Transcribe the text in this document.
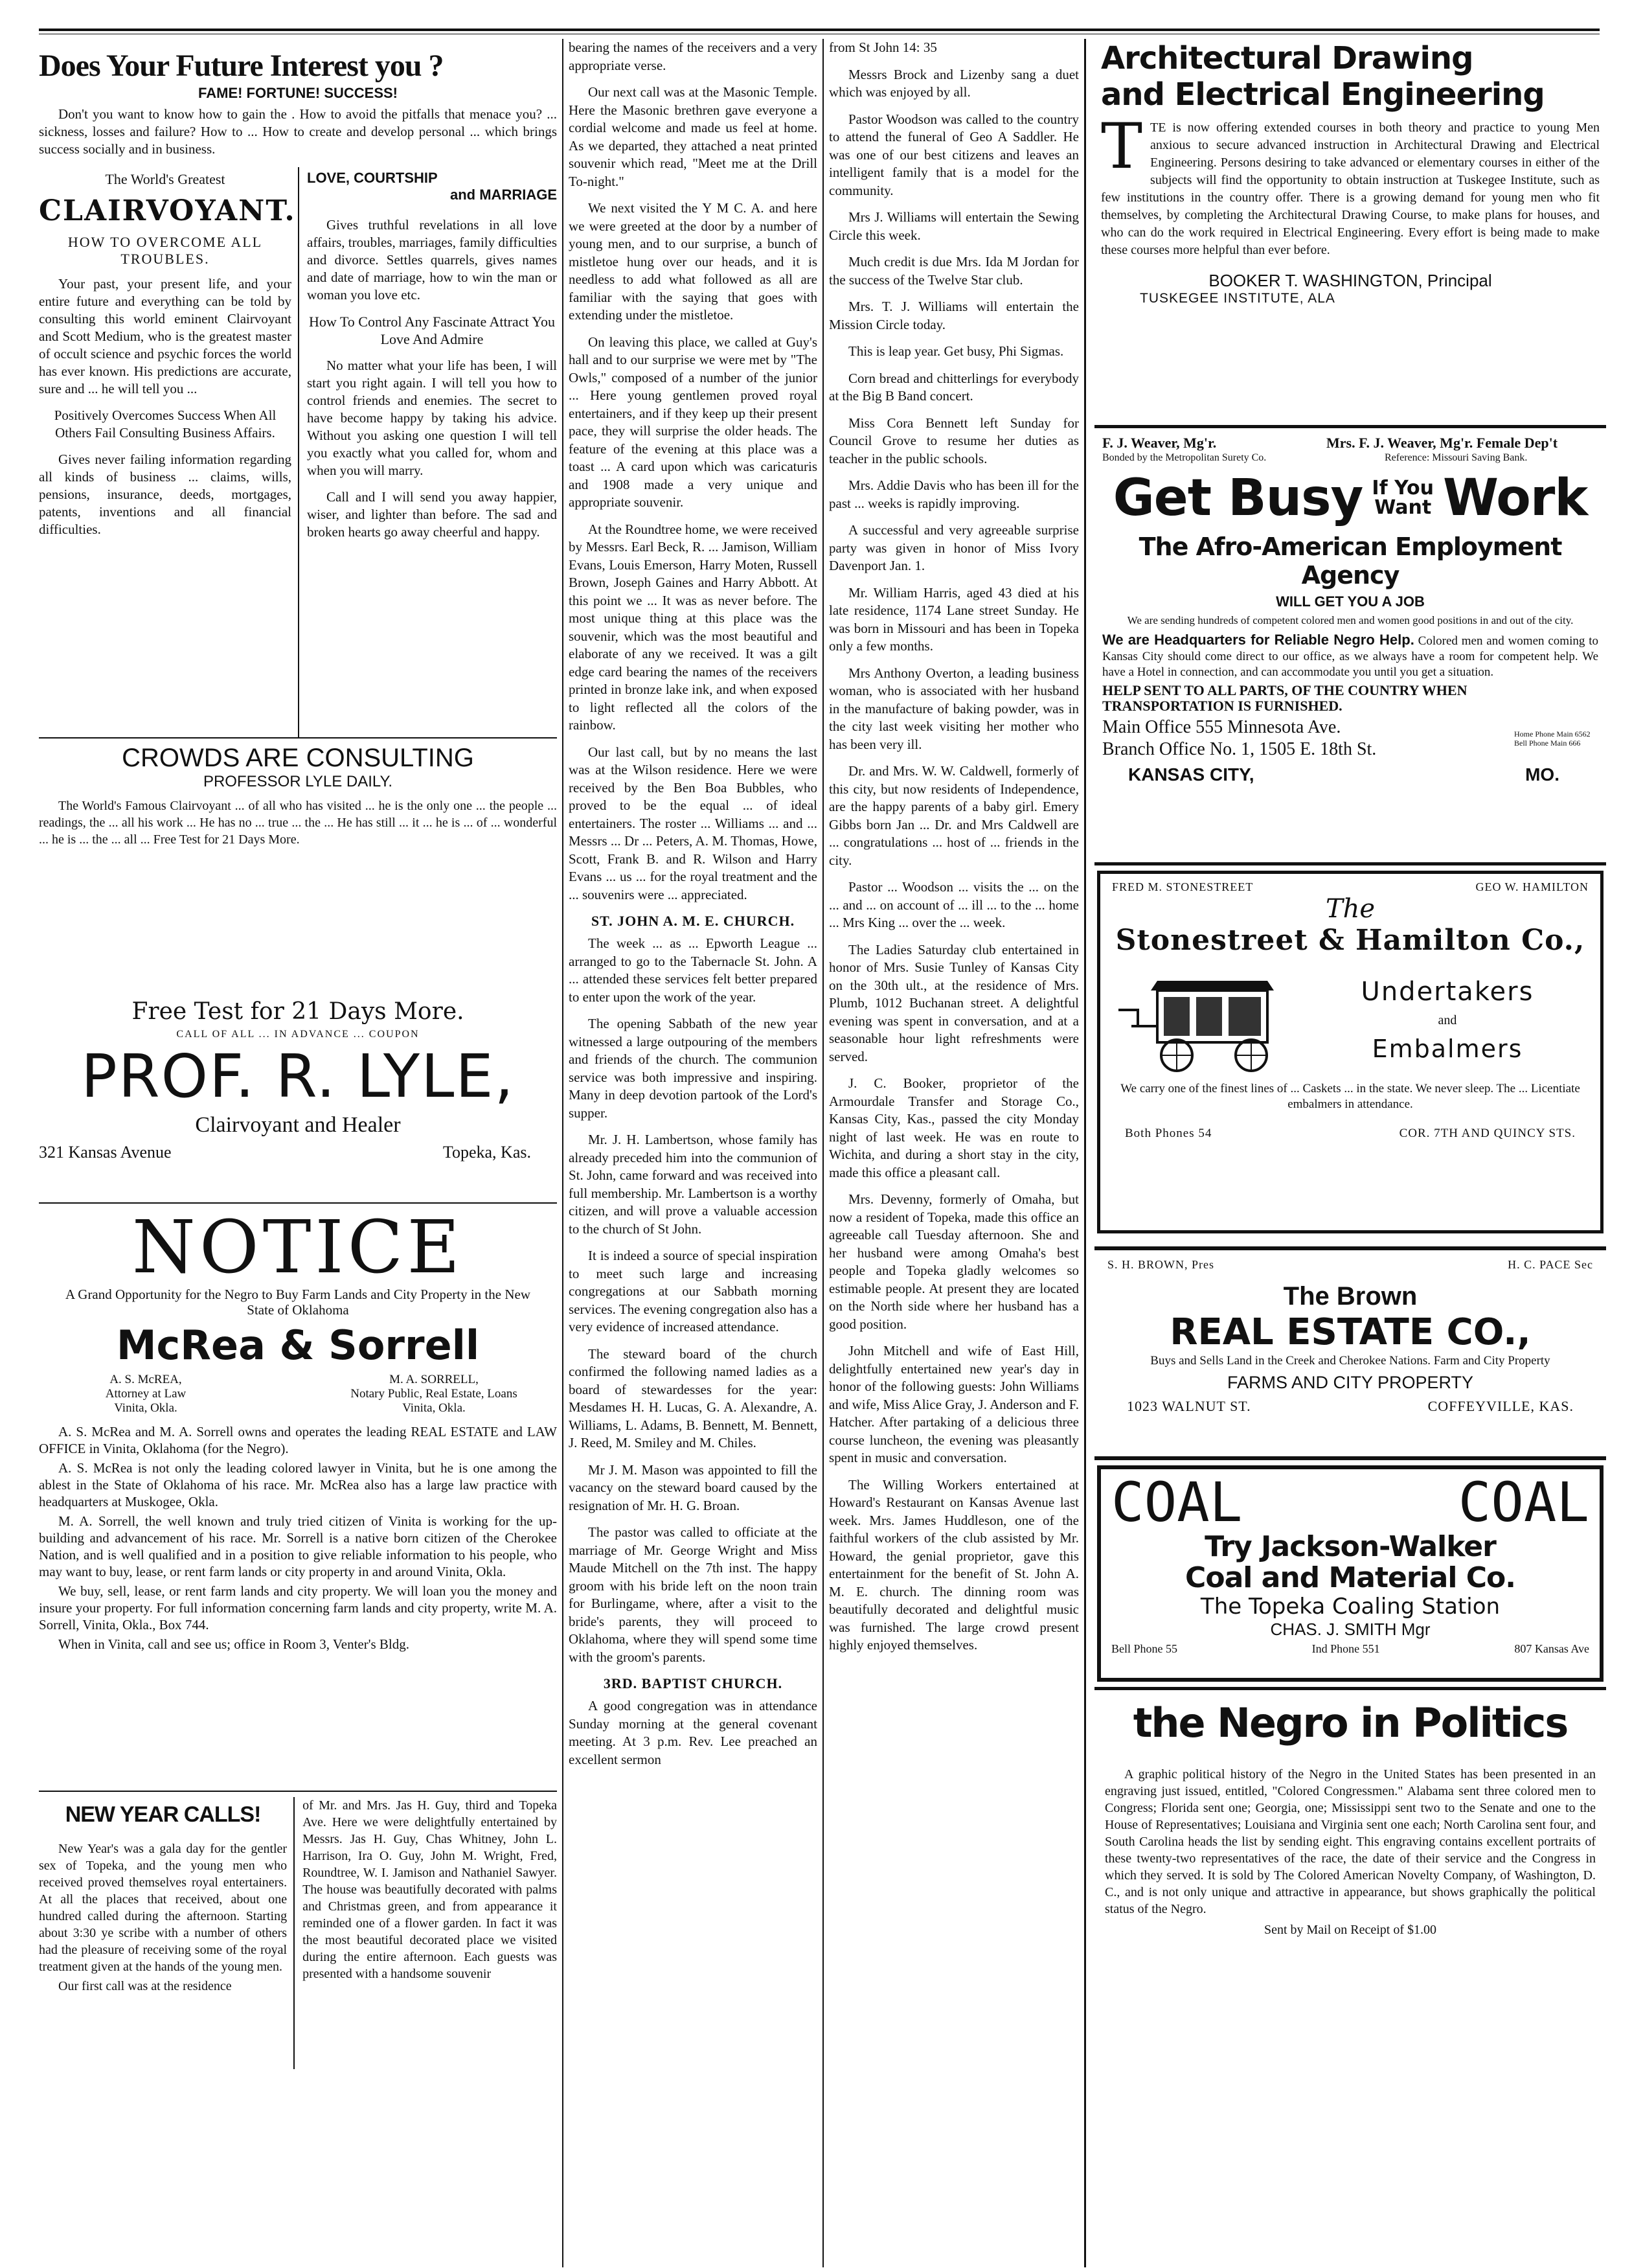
Does Your Future Interest you ?
FAME! FORTUNE! SUCCESS!

Don't you want to know how to gain the . How to avoid the pitfalls that menace you? ... sickness, losses and failure? How to ... How to create and develop personal ... which brings success socially and in business.

The World's Greatest
CLAIRVOYANT.
HOW TO OVERCOME ALL TROUBLES.

Your past, your present life, and your entire future and everything can be told by consulting this world eminent Clairvoyant and Scott Medium, who is the greatest master of occult science and psychic forces the world has ever known. His predictions are accurate, sure and ... he will tell you ...

Positively Overcomes Success When All Others Fail Consulting Business Affairs.

Gives never failing information regarding all kinds of business ... claims, wills, pensions, insurance, deeds, mortgages, patents, inventions and all financial difficulties.

LOVE, COURTSHIP
and MARRIAGE

Gives truthful revelations in all love affairs, troubles, marriages, family difficulties and divorce. Settles quarrels, gives names and date of marriage, how to win the man or woman you love etc.

How To Control Any Fascinate Attract You Love And Admire

No matter what your life has been, I will start you right again. I will tell you how to control friends and enemies. The secret to have become happy by taking his advice. Without you asking one question I will tell you exactly what you called for, whom and when you will marry.

Call and I will send you away happier, wiser, and lighter than before. The sad and broken hearts go away cheerful and happy.

CROWDS ARE CONSULTING
PROFESSOR LYLE DAILY.

The World's Famous Clairvoyant ... of all who has visited ... he is the only one ... the people ... readings, the ... all his work ... He has no ... true ... the ... He has still ... it ... he is ... of ... wonderful ... he is ... the ... all ... Free Test for 21 Days More.

Free Test for 21 Days More.
CALL OF ALL ... IN ADVANCE ... COUPON
PROF. R. LYLE,
Clairvoyant and Healer
321 Kansas Avenue	Topeka, Kas.
NOTICE
A Grand Opportunity for the Negro to Buy Farm Lands and City Property in the New State of Oklahoma
McRea & Sorrell
A. S. McREA,
Attorney at Law
Vinita, Okla.
M. A. SORRELL,
Notary Public, Real Estate, Loans
Vinita, Okla.

A. S. McRea and M. A. Sorrell owns and operates the leading REAL ESTATE and LAW OFFICE in Vinita, Oklahoma (for the Negro).

A. S. McRea is not only the leading colored lawyer in Vinita, but he is one among the ablest in the State of Oklahoma of his race. Mr. McRea also has a large law practice with headquarters at Muskogee, Okla.

M. A. Sorrell, the well known and truly tried citizen of Vinita is working for the up-building and advancement of his race. Mr. Sorrell is a native born citizen of the Cherokee Nation, and is well qualified and in a position to give reliable information to his people, who may want to buy, lease, or rent farm lands or city property in and around Vinita, Okla.

We buy, sell, lease, or rent farm lands and city property. We will loan you the money and insure your property. For full information concerning farm lands and city property, write M. A. Sorrell, Vinita, Okla., Box 744.

When in Vinita, call and see us; office in Room 3, Venter's Bldg.

NEW YEAR CALLS!

New Year's was a gala day for the gentler sex of Topeka, and the young men who received proved themselves royal entertainers. At all the places that received, about one hundred called during the afternoon. Starting about 3:30 ye scribe with a number of others had the pleasure of receiving some of the royal treatment given at the hands of the young men.

Our first call was at the residence

of Mr. and Mrs. Jas H. Guy, third and Topeka Ave. Here we were delightfully entertained by Messrs. Jas H. Guy, Chas Whitney, John L. Harrison, Ira O. Guy, John M. Wright, Fred, Roundtree, W. I. Jamison and Nathaniel Sawyer. The house was beautifully decorated with palms and Christmas green, and from appearance it reminded one of a flower garden. In fact it was the most beautiful decorated place we visited during the entire afternoon. Each guests was presented with a handsome souvenir

bearing the names of the receivers and a very appropriate verse.

Our next call was at the Masonic Temple. Here the Masonic brethren gave everyone a cordial welcome and made us feel at home. As we departed, they attached a neat printed souvenir which read, "Meet me at the Drill To-night."

We next visited the Y M C. A. and here we were greeted at the door by a number of young men, and to our surprise, a bunch of mistletoe hung over our heads, and it is needless to add what followed as all are familiar with the saying that goes with extending under the mistletoe.

On leaving this place, we called at Guy's hall and to our surprise we were met by "The Owls," composed of a number of the junior ... Here young gentlemen proved royal entertainers, and if they keep up their present pace, they will surprise the older heads. The feature of the evening at this place was a toast ... A card upon which was caricaturis and 1908 made a very unique and appropriate souvenir.

At the Roundtree home, we were received by Messrs. Earl Beck, R. ... Jamison, William Evans, Louis Emerson, Harry Moten, Russell Brown, Joseph Gaines and Harry Abbott. At this point we ... It was as never before. The most unique thing at this place was the souvenir, which was the most beautiful and elaborate of any we received. It was a gilt edge card bearing the names of the receivers printed in bronze lake ink, and when exposed to light reflected all the colors of the rainbow.

Our last call, but by no means the last was at the Wilson residence. Here we were received by the Ben Boa Bubbles, who proved to be the equal ... of ideal entertainers. The roster ... Williams ... and ... Messrs ... Dr ... Peters, A. M. Thomas, Howe, Scott, Frank B. and R. Wilson and Harry Evans ... us ... for the royal treatment and the ... souvenirs were ... appreciated.

ST. JOHN A. M. E. CHURCH.

The week ... as ... Epworth League ... arranged to go to the Tabernacle St. John. A ... attended these services felt better prepared to enter upon the work of the year.

The opening Sabbath of the new year witnessed a large outpouring of the members and friends of the church. The communion service was both impressive and inspiring. Many in deep devotion partook of the Lord's supper.

Mr. J. H. Lambertson, whose family has already preceded him into the communion of St. John, came forward and was received into full membership. Mr. Lambertson is a worthy citizen, and will prove a valuable accession to the church of St John.

It is indeed a source of special inspiration to meet such large and increasing congregations at our Sabbath morning services. The evening congregation also has a very evidence of increased attendance.

The steward board of the church confirmed the following named ladies as a board of stewardesses for the year: Mesdames H. H. Lucas, G. A. Alexandre, A. Williams, L. Adams, B. Bennett, M. Bennett, J. Reed, M. Smiley and M. Chiles.

Mr J. M. Mason was appointed to fill the vacancy on the steward board caused by the resignation of Mr. H. G. Broan.

The pastor was called to officiate at the marriage of Mr. George Wright and Miss Maude Mitchell on the 7th inst. The happy groom with his bride left on the noon train for Burlingame, where, after a visit to the bride's parents, they will proceed to Oklahoma, where they will spend some time with the groom's parents.

3RD. BAPTIST CHURCH.

A good congregation was in attendance Sunday morning at the general covenant meeting. At 3 p.m. Rev. Lee preached an excellent sermon

from St John 14: 35

Messrs Brock and Lizenby sang a duet which was enjoyed by all.

Pastor Woodson was called to the country to attend the funeral of Geo A Saddler. He was one of our best citizens and leaves an intelligent family that is a model for the community.

Mrs J. Williams will entertain the Sewing Circle this week.

Much credit is due Mrs. Ida M Jordan for the success of the Twelve Star club.

Mrs. T. J. Williams will entertain the Mission Circle today.

This is leap year. Get busy, Phi Sigmas.

Corn bread and chitterlings for everybody at the Big B Band concert.

Miss Cora Bennett left Sunday for Council Grove to resume her duties as teacher in the public schools.

Mrs. Addie Davis who has been ill for the past ... weeks is rapidly improving.

A successful and very agreeable surprise party was given in honor of Miss Ivory Davenport Jan. 1.

Mr. William Harris, aged 43 died at his late residence, 1174 Lane street Sunday. He was born in Missouri and has been in Topeka only a few months.

Mrs Anthony Overton, a leading business woman, who is associated with her husband in the manufacture of baking powder, was in the city last week visiting her mother who has been very ill.

Dr. and Mrs. W. W. Caldwell, formerly of this city, but now residents of Independence, are the happy parents of a baby girl. Emery Gibbs born Jan ... Dr. and Mrs Caldwell are ... congratulations ... host of ... friends in the city.

Pastor ... Woodson ... visits the ... on the ... and ... on account of ... ill ... to the ... home ... Mrs King ... over the ... week.

The Ladies Saturday club entertained in honor of Mrs. Susie Tunley of Kansas City on the 30th ult., at the residence of Mrs. Plumb, 1012 Buchanan street. A delightful evening was spent in conversation, and at a seasonable hour light refreshments were served.

J. C. Booker, proprietor of the Armourdale Transfer and Storage Co., Kansas City, Kas., passed the city Monday night of last week. He was en route to Wichita, and during a short stay in the city, made this office a pleasant call.

Mrs. Devenny, formerly of Omaha, but now a resident of Topeka, made this office an agreeable call Tuesday afternoon. She and her husband were among Omaha's best people and Topeka gladly welcomes so estimable people. At present they are located on the North side where her husband has a good position.

John Mitchell and wife of East Hill, delightfully entertained new year's day in honor of the following guests: John Williams and wife, Miss Alice Gray, J. Anderson and F. Hatcher. After partaking of a delicious three course luncheon, the evening was pleasantly spent in music and conversation.

The Willing Workers entertained at Howard's Restaurant on Kansas Avenue last week. Mrs. James Huddleson, one of the faithful workers of the club assisted by Mr. Howard, the genial proprietor, gave this entertainment for the benefit of St. John A. M. E. church. The dinning room was beautifully decorated and delightful music was furnished. The large crowd present highly enjoyed themselves.

Architectural Drawing
and Electrical Engineering
T TE is now offering extended courses in both theory and practice to young Men anxious to secure advanced instruction in Architectural Drawing and Electrical Engineering. Persons desiring to take advanced or elementary courses in either of the subjects will find the opportunity to obtain instruction at Tuskegee Institute, such as few institutions in the country offer. There is a growing demand for young men who fit themselves, by completing the Architectural Drawing Course, to make plans for houses, and who can do the work required in Electrical Engineering. Every effort is being made to make these courses more helpful than ever before.
BOOKER T. WASHINGTON, Principal
TUSKEGEE INSTITUTE, ALA
F. J. Weaver, Mg'r.
Bonded by the Metropolitan Surety Co.
Mrs. F. J. Weaver, Mg'r. Female Dep't
Reference: Missouri Saving Bank.
Get Busy If You
Want Work
The Afro-American Employment Agency
WILL GET YOU A JOB
We are sending hundreds of competent colored men and women good positions in and out of the city.
We are Headquarters for Reliable Negro Help. Colored men and women coming to Kansas City should come direct to our office, as we always have a room for competent help. We have a Hotel in connection, and can accommodate you until you get a situation.
HELP SENT TO ALL PARTS, OF THE COUNTRY WHEN TRANSPORTATION IS FURNISHED.
Main Office 555 Minnesota Ave.
Branch Office No. 1, 1505 E. 18th St.
Home Phone Main 6562 Bell Phone Main 666
KANSAS CITY,	MO.
FRED M. STONESTREET	GEO W. HAMILTON
The
Stonestreet & Hamilton Co.,
Undertakers
and
Embalmers
We carry one of the finest lines of ... Caskets ... in the state. We never sleep. The ... Licentiate embalmers in attendance.
Both Phones 54	COR. 7TH AND QUINCY STS.
S. H. BROWN, Pres	H. C. PACE Sec
The Brown
REAL ESTATE CO.,
Buys and Sells Land in the Creek and Cherokee Nations. Farm and City Property
FARMS AND CITY PROPERTY
1023 WALNUT ST.	COFFEYVILLE, KAS.
COAL	COAL
Try Jackson-Walker
Coal and Material Co.
The Topeka Coaling Station
CHAS. J. SMITH Mgr
Bell Phone 55	Ind Phone 551	807 Kansas Ave
the Negro in Politics
A graphic political history of the Negro in the United States has been presented in an engraving just issued, entitled, "Colored Congressmen." Alabama sent three colored men to Congress; Florida sent one; Georgia, one; Mississippi sent two to the Senate and one to the House of Representatives; Louisiana and Virginia sent one each; North Carolina sent four, and South Carolina heads the list by sending eight. This engraving contains excellent portraits of these twenty-two representatives of the race, the date of their service and the Congress in which they served. It is sold by The Colored American Novelty Company, of Washington, D. C., and is not only unique and attractive in appearance, but shows graphically the political status of the Negro.
Sent by Mail on Receipt of $1.00
